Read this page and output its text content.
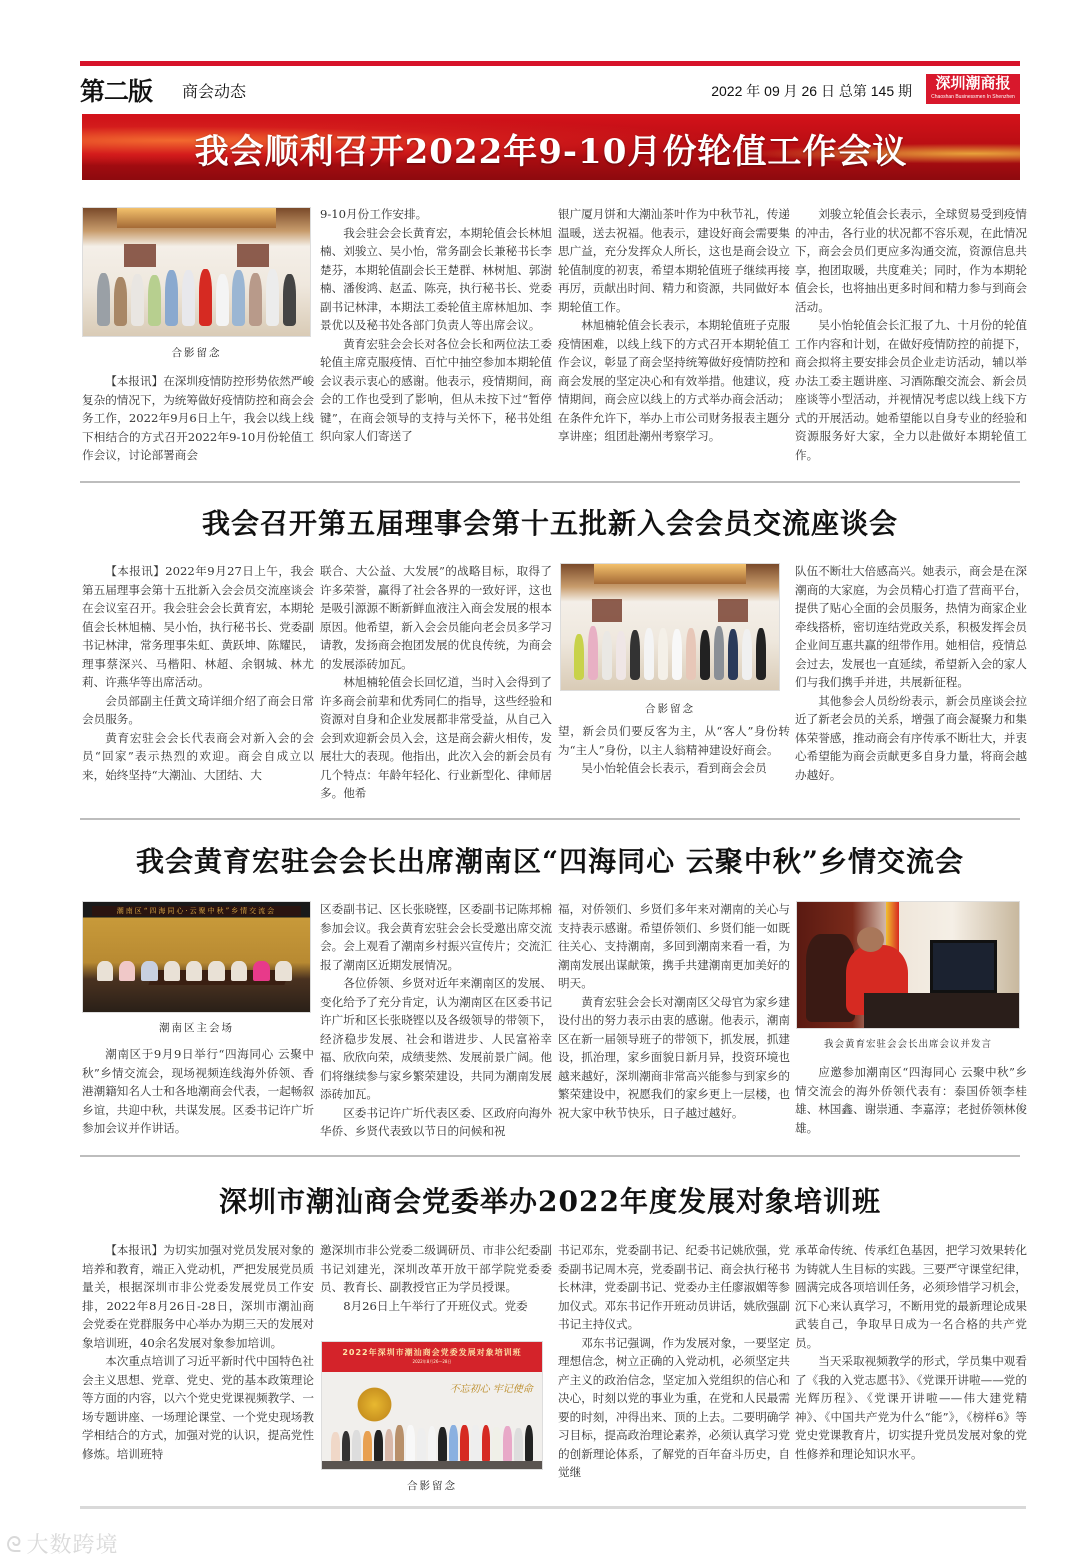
第二版 商会动态	2022 年 09 月 26 日 总第 145 期	深圳潮商报
Chaoshan Businessmen In Shenzhen
我会顺利召开2022年9-10月份轮值工作会议
合影留念

【本报讯】在深圳疫情防控形势依然严峻复杂的情况下，为统筹做好疫情防控和商会会务工作，2022年9月6日上午，我会以线上线下相结合的方式召开2022年9-10月份轮值工作会议，讨论部署商会

9-10月份工作安排。

我会驻会会长黄育宏，本期轮值会长林旭楠、刘骏立、吴小怡，常务副会长兼秘书长李楚芬，本期轮值副会长王楚群、林树旭、郭澍楠、潘俊鸿、赵孟、陈亮，执行秘书长、党委副书记林津，本期法工委轮值主席林旭加、李景优以及秘书处各部门负责人等出席会议。

黄育宏驻会会长对各位会长和两位法工委轮值主席克服疫情、百忙中抽空参加本期轮值会议表示衷心的感谢。他表示，疫情期间，商会的工作也受到了影响，但从未按下过“暂停键”，在商会领导的支持与关怀下，秘书处组织向家人们寄送了

银广厦月饼和大潮汕茶叶作为中秋节礼，传递温暖，送去祝福。他表示，建设好商会需要集思广益，充分发挥众人所长，这也是商会设立轮值制度的初衷，希望本期轮值班子继续再接再厉，贡献出时间、精力和资源，共同做好本期轮值工作。

林旭楠轮值会长表示，本期轮值班子克服疫情困难，以线上线下的方式召开本期轮值工作会议，彰显了商会坚持统筹做好疫情防控和商会发展的坚定决心和有效举措。他建议，疫情期间，商会应以线上的方式举办商会活动；在条件允许下，举办上市公司财务报表主题分享讲座；组团赴潮州考察学习。

刘骏立轮值会长表示，全球贸易受到疫情的冲击，各行业的状况都不容乐观，在此情况下，商会会员们更应多沟通交流，资源信息共享，抱团取暖，共度难关；同时，作为本期轮值会长，也将抽出更多时间和精力参与到商会活动。

吴小怡轮值会长汇报了九、十月份的轮值工作内容和计划，在做好疫情防控的前提下，商会拟将主要安排会员企业走访活动，辅以举办法工委主题讲座、习酒陈酿交流会、新会员座谈等小型活动，并视情况考虑以线上线下方式的开展活动。她希望能以自身专业的经验和资源服务好大家，全力以赴做好本期轮值工作。

我会召开第五届理事会第十五批新入会会员交流座谈会

【本报讯】2022年9月27日上午，我会第五届理事会第十五批新入会会员交流座谈会在会议室召开。我会驻会会长黄育宏，本期轮值会长林旭楠、吴小怡，执行秘书长、党委副书记林津，常务理事朱虹、黄跃坤、陈耀民，理事蔡深兴、马楷阳、林超、余钢城、林尤莉、许燕华等出席活动。

会员部副主任黄文琦详细介绍了商会日常会员服务。

黄育宏驻会会长代表商会对新入会的会员“回家”表示热烈的欢迎。商会自成立以来，始终坚持“大潮汕、大团结、大

联合、大公益、大发展”的战略目标，取得了许多荣誉，赢得了社会各界的一致好评，这也是吸引源源不断新鲜血液注入商会发展的根本原因。他希望，新入会会员能向老会员多学习请教，发扬商会抱团发展的优良传统，为商会的发展添砖加瓦。

林旭楠轮值会长回忆道，当时入会得到了许多商会前辈和优秀同仁的指导，这些经验和资源对自身和企业发展都非常受益，从自己入会到欢迎新会员入会，这是商会薪火相传，发展壮大的表现。他指出，此次入会的新会员有几个特点：年龄年轻化、行业新型化、律师居多。他希

合影留念

望，新会员们要反客为主，从“客人”身份转为“主人”身份，以主人翁精神建设好商会。

吴小怡轮值会长表示，看到商会会员

队伍不断壮大倍感高兴。她表示，商会是在深潮商的大家庭，为会员精心打造了营商平台，提供了贴心全面的会员服务，热情为商家企业牵线搭桥，密切连结党政关系，积极发挥会员企业间互惠共赢的纽带作用。她相信，疫情总会过去，发展也一直延续，希望新入会的家人们与我们携手并进，共展新征程。

其他参会人员纷纷表示，新会员座谈会拉近了新老会员的关系，增强了商会凝聚力和集体荣誉感，推动商会有序传承不断壮大，并衷心希望能为商会贡献更多自身力量，将商会越办越好。

我会黄育宏驻会会长出席潮南区“四海同心 云聚中秋”乡情交流会
潮南区“四海同心·云聚中秋”乡情交流会
潮南区主会场

潮南区于9月9日举行“四海同心 云聚中秋”乡情交流会，现场视频连线海外侨领、香港潮籍知名人士和各地潮商会代表，一起畅叙乡谊，共迎中秋，共谋发展。区委书记许广圻参加会议并作讲话。

区委副书记、区长张晓铿，区委副书记陈邦棉参加会议。我会黄育宏驻会会长受邀出席交流会。会上观看了潮南乡村振兴宣传片；交流汇报了潮南区近期发展情况。

各位侨领、乡贤对近年来潮南区的发展、变化给予了充分肯定，认为潮南区在区委书记许广圻和区长张晓铿以及各级领导的带领下，经济稳步发展、社会和谐进步、人民富裕幸福、欣欣向荣，成绩斐然、发展前景广阔。他们将继续参与家乡繁荣建设，共同为潮南发展添砖加瓦。

区委书记许广圻代表区委、区政府向海外华侨、乡贤代表致以节日的问候和祝

福，对侨领们、乡贤们多年来对潮南的关心与支持表示感谢。希望侨领们、乡贤们能一如既往关心、支持潮南，多回到潮南来看一看，为潮南发展出谋献策，携手共建潮南更加美好的明天。

黄育宏驻会会长对潮南区父母官为家乡建设付出的努力表示由衷的感谢。他表示，潮南区在新一届领导班子的带领下，抓发展，抓建设，抓治理，家乡面貌日新月异，投资环境也越来越好，深圳潮商非常高兴能参与到家乡的繁荣建设中，祝愿我们的家乡更上一层楼，也祝大家中秋节快乐，日子越过越好。

我会黄育宏驻会会长出席会议并发言

应邀参加潮南区“四海同心 云聚中秋”乡情交流会的海外侨领代表有：泰国侨领李桂雄、林国鑫、谢崇通、李嘉淳；老挝侨领林俊雄。

深圳市潮汕商会党委举办2022年度发展对象培训班

【本报讯】为切实加强对党员发展对象的培养和教育，端正入党动机，严把发展党员质量关，根据深圳市非公党委发展党员工作安排，2022年8月26日-28日，深圳市潮汕商会党委在党群服务中心举办为期三天的发展对象培训班，40余名发展对象参加培训。

本次重点培训了习近平新时代中国特色社会主义思想、党章、党史、党的基本政策理论等方面的内容，以六个党史党课视频教学、一场专题讲座、一场理论课堂、一个党史现场教学相结合的方式，加强对党的认识，提高党性修炼。培训班特

邀深圳市非公党委二级调研员、市非公纪委副书记刘建光，深圳改革开放干部学院党委委员、教育长、副教授官正为学员授课。

8月26日上午举行了开班仪式。党委

2022年深圳市潮汕商会党委发展对象培训班
2022年8月26—28日
不忘初心 牢记使命
合影留念

书记邓东，党委副书记、纪委书记姚欣强，党委副书记周木亮，党委副书记、商会执行秘书长林津，党委副书记、党委办主任廖淑媚等参加仪式。邓东书记作开班动员讲话，姚欣强副书记主持仪式。

邓东书记强调，作为发展对象，一要坚定理想信念，树立正确的入党动机，必须坚定共产主义的政治信念，坚定加入党组织的信心和决心，时刻以党的事业为重，在党和人民最需要的时刻，冲得出来、顶的上去。二要明确学习目标，提高政治理论素养，必须认真学习党的创新理论体系，了解党的百年奋斗历史，自觉继

承革命传统、传承红色基因，把学习效果转化为铸就人生目标的实践。三要严守课堂纪律，圆满完成各项培训任务，必须珍惜学习机会，沉下心来认真学习，不断用党的最新理论成果武装自己，争取早日成为一名合格的共产党员。

当天采取视频教学的形式，学员集中观看了《我的入党志愿书》、《党课开讲啦——党的光辉历程》、《党课开讲啦——伟大建党精神》、《中国共产党为什么“能”》，《榜样6》等党史党课教育片，切实提升党员发展对象的党性修养和理论知识水平。

ᘓ 大数跨境
